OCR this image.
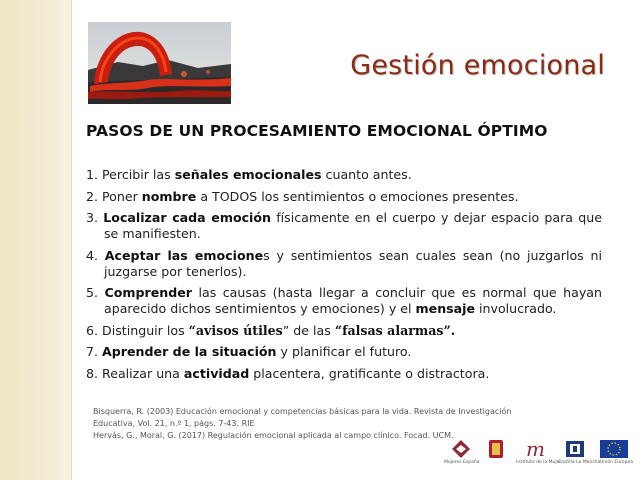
Gestión emocional
PASOS DE UN PROCESAMIENTO EMOCIONAL ÓPTIMO
1. Percibir las señales emocionales cuanto antes.
2. Poner nombre a TODOS los sentimientos o emociones presentes.
3. Localizar cada emoción físicamente en el cuerpo y dejar espacio para que se manifiesten.
4. Aceptar las emociones y sentimientos sean cuales sean (no juzgarlos ni juzgarse por tenerlos).
5. Comprender las causas (hasta llegar a concluir que es normal que hayan aparecido dichos sentimientos y emociones) y el mensaje involucrado.
6. Distinguir los “avisos útiles” de las “falsas alarmas”.
7. Aprender de la situación y planificar el futuro.
8. Realizar una actividad placentera, gratificante o distractora.

Bisquerra, R. (2003) Educación emocional y competencias básicas para la vida. Revista de Investigación Educativa, Vol. 21, n.º 1, págs. 7-43. RIE

Hervás, G., Moral, G. (2017) Regulación emocional aplicada al campo clínico. Focad. UCM.

Mujeres España
m
Instituto de la Mujer
Castilla-La Mancha Unión Europea
